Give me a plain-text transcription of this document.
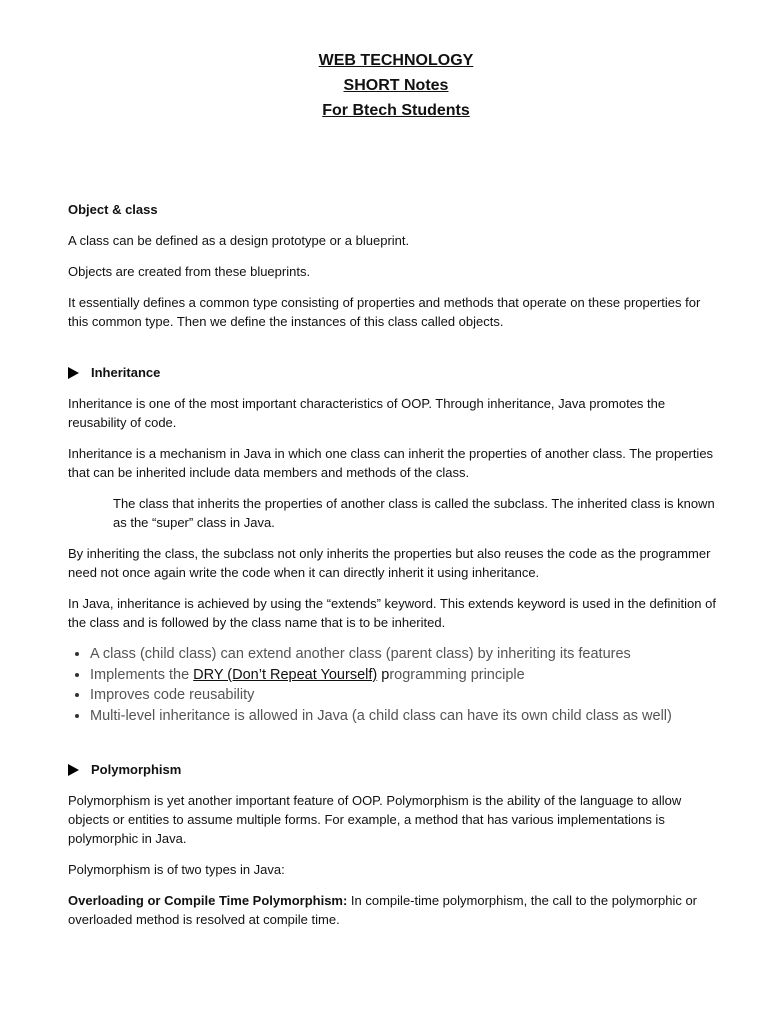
WEB TECHNOLOGY
SHORT Notes
For Btech Students
Object & class

A class can be defined as a design prototype or a blueprint.

Objects are created from these blueprints.

It essentially defines a common type consisting of properties and methods that operate on these properties for this common type. Then we define the instances of this class called objects.

Inheritance

Inheritance is one of the most important characteristics of OOP. Through inheritance, Java promotes the reusability of code.

Inheritance is a mechanism in Java in which one class can inherit the properties of another class. The properties that can be inherited include data members and methods of the class.

The class that inherits the properties of another class is called the subclass. The inherited class is known as the “super” class in Java.

By inheriting the class, the subclass not only inherits the properties but also reuses the code as the programmer need not once again write the code when it can directly inherit it using inheritance.

In Java, inheritance is achieved by using the “extends” keyword. This extends keyword is used in the definition of the class and is followed by the class name that is to be inherited.

• A class (child class) can extend another class (parent class) by inheriting its features
• Implements the DRY (Don’t Repeat Yourself) programming principle
• Improves code reusability
• Multi-level inheritance is allowed in Java (a child class can have its own child class as well)
Polymorphism

Polymorphism is yet another important feature of OOP. Polymorphism is the ability of the language to allow objects or entities to assume multiple forms. For example, a method that has various implementations is polymorphic in Java.

Polymorphism is of two types in Java:

Overloading or Compile Time Polymorphism: In compile-time polymorphism, the call to the polymorphic or overloaded method is resolved at compile time.
